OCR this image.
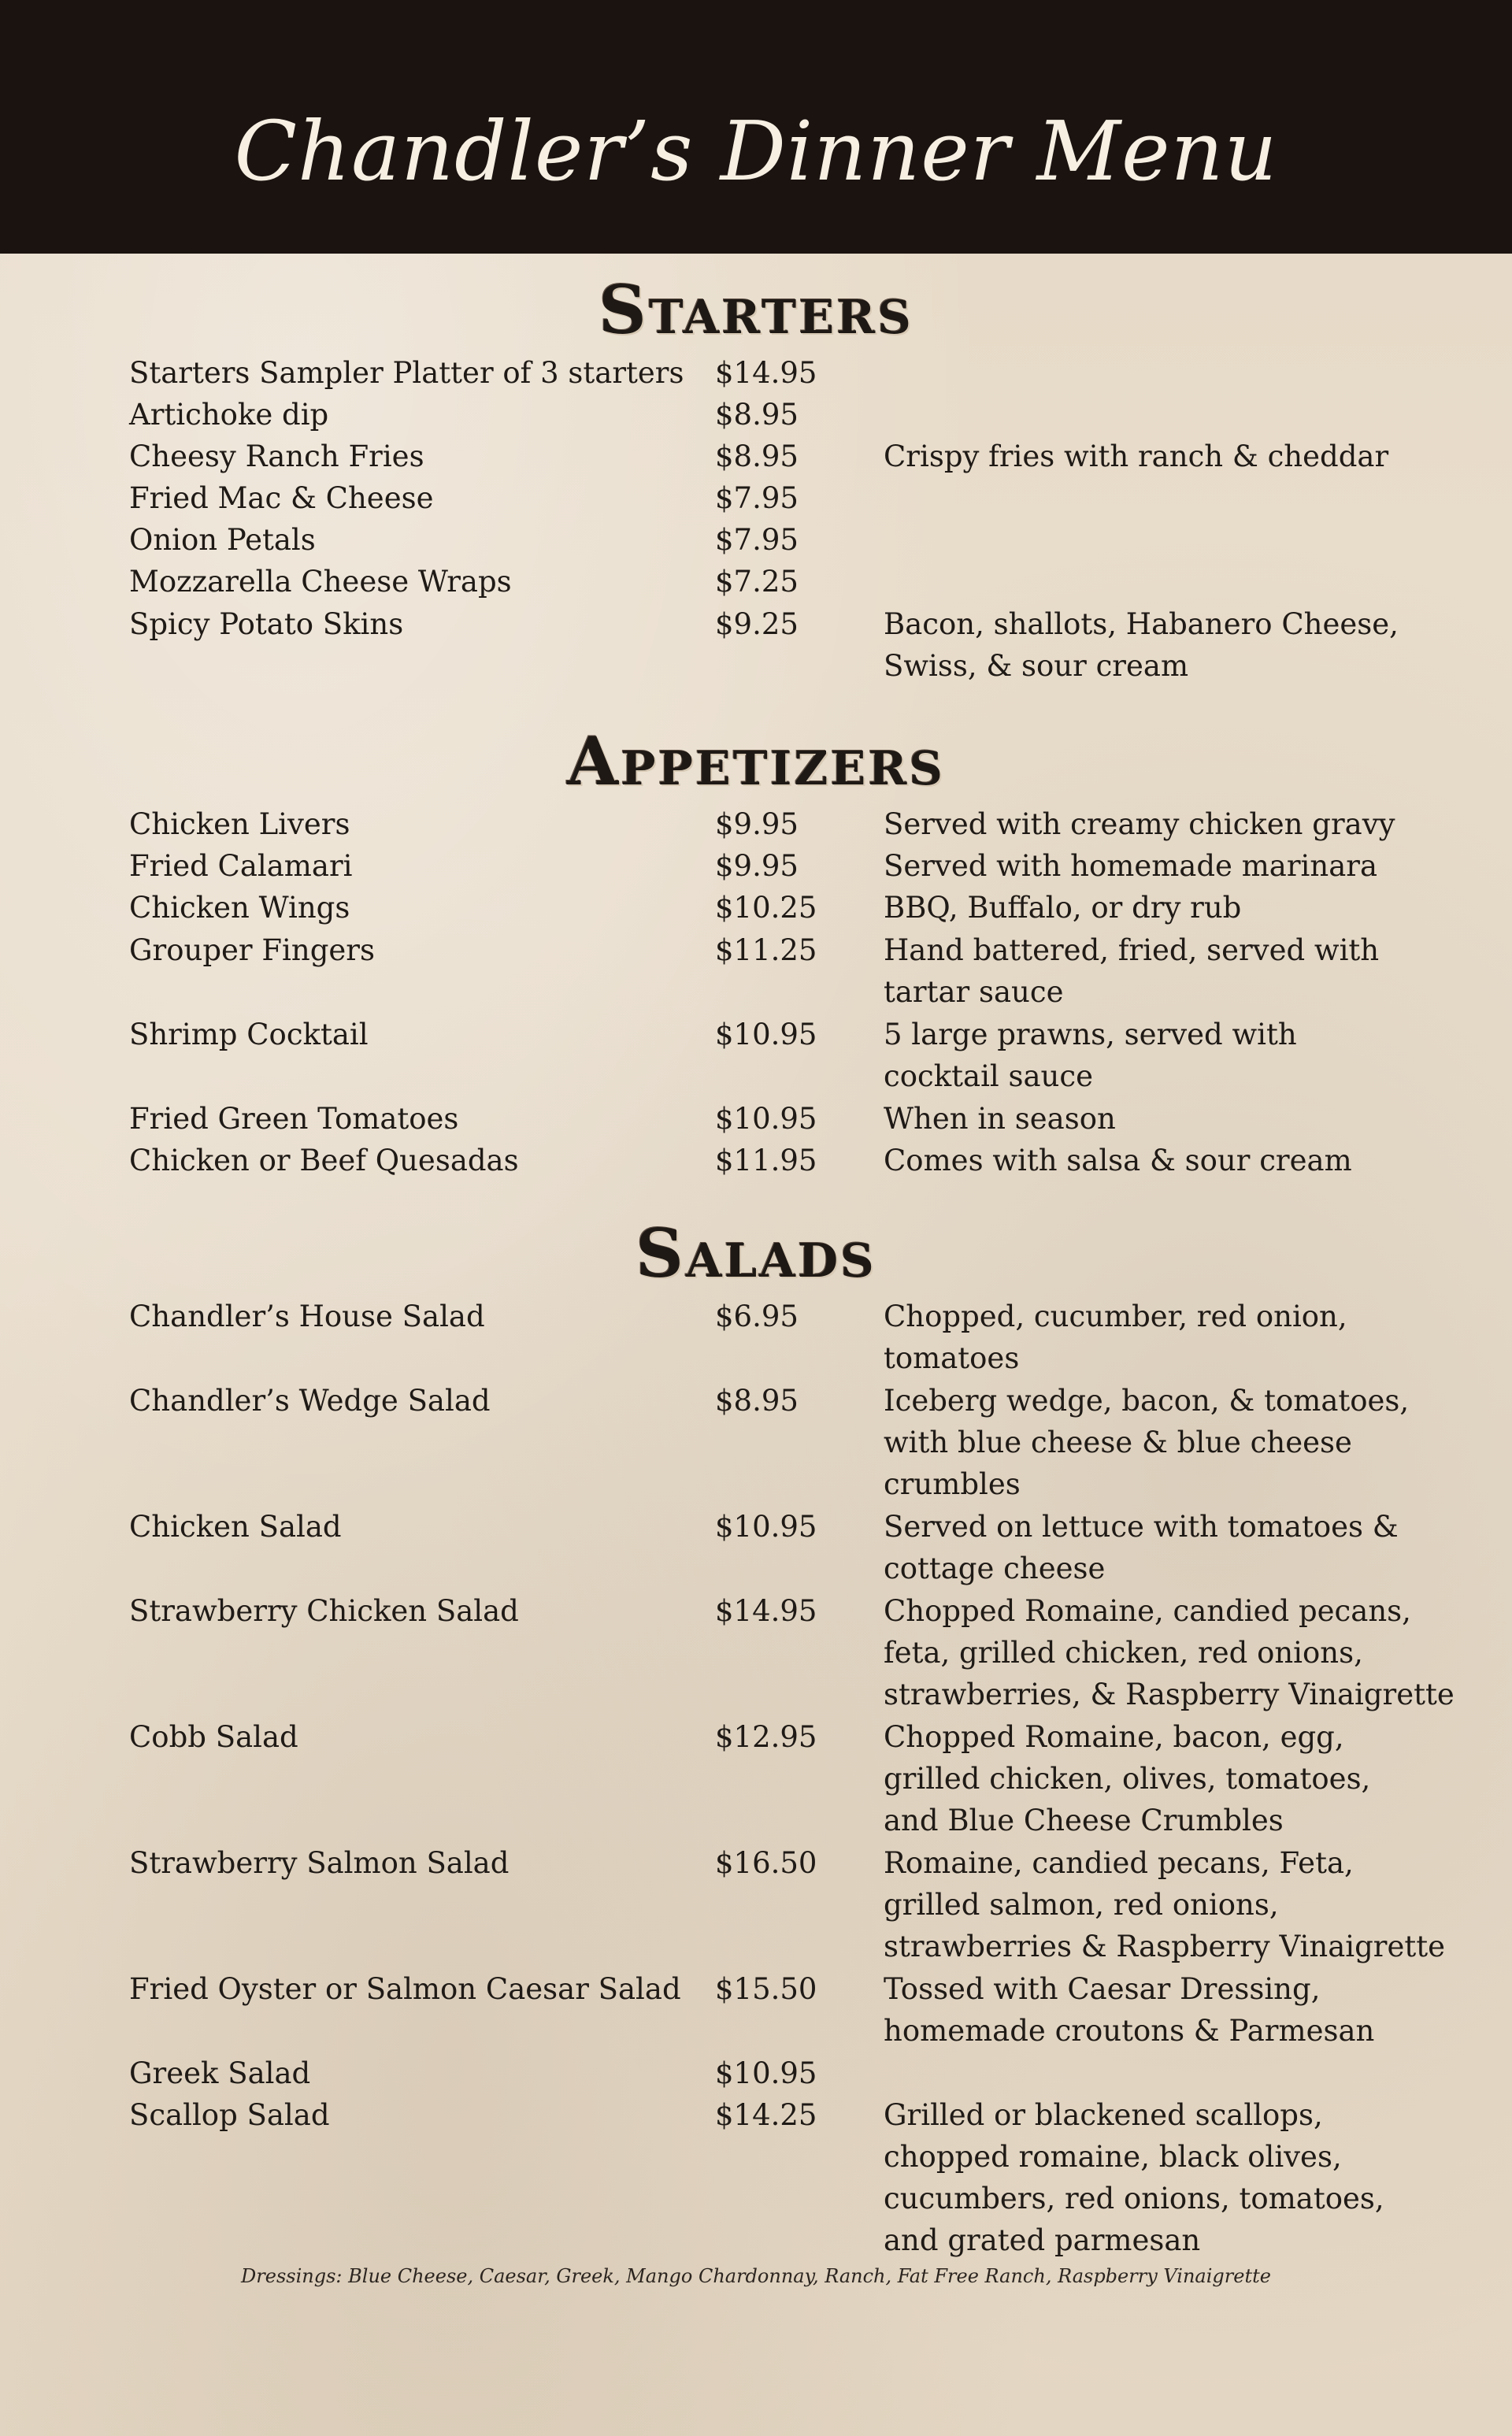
Chandler’s Dinner Menu
Starters
Starters Sampler Platter of 3 starters $14.95
Artichoke dip	$8.95
Cheesy Ranch Fries	$8.95	Crispy fries with ranch & cheddar
Fried Mac & Cheese	$7.95
Onion Petals	$7.95
Mozzarella Cheese Wraps	$7.25
Spicy Potato Skins	$9.25	Bacon, shallots, Habanero Cheese,
Swiss, & sour cream
Appetizers
Chicken Livers	$9.95	Served with creamy chicken gravy
Fried Calamari	$9.95	Served with homemade marinara
Chicken Wings	$10.25 BBQ, Buffalo, or dry rub
Grouper Fingers	$11.25 Hand battered, fried, served with
tartar sauce
Shrimp Cocktail	$10.95 5 large prawns, served with
cocktail sauce
Fried Green Tomatoes	$10.95 When in season
Chicken or Beef Quesadas	$11.95 Comes with salsa & sour cream
Salads
Chandler’s House Salad	$6.95	Chopped, cucumber, red onion,
tomatoes
Chandler’s Wedge Salad	$8.95	Iceberg wedge, bacon, & tomatoes,
with blue cheese & blue cheese
crumbles
Chicken Salad	$10.95 Served on lettuce with tomatoes &
cottage cheese
Strawberry Chicken Salad	$14.95 Chopped Romaine, candied pecans,
feta, grilled chicken, red onions,
strawberries, & Raspberry Vinaigrette
Cobb Salad	$12.95 Chopped Romaine, bacon, egg,
grilled chicken, olives, tomatoes,
and Blue Cheese Crumbles
Strawberry Salmon Salad	$16.50 Romaine, candied pecans, Feta,
grilled salmon, red onions,
strawberries & Raspberry Vinaigrette
Fried Oyster or Salmon Caesar Salad $15.50 Tossed with Caesar Dressing,
homemade croutons & Parmesan
Greek Salad	$10.95
Scallop Salad	$14.25 Grilled or blackened scallops,
chopped romaine, black olives,
cucumbers, red onions, tomatoes,
and grated parmesan
Dressings: Blue Cheese, Caesar, Greek, Mango Chardonnay, Ranch, Fat Free Ranch, Raspberry Vinaigrette
